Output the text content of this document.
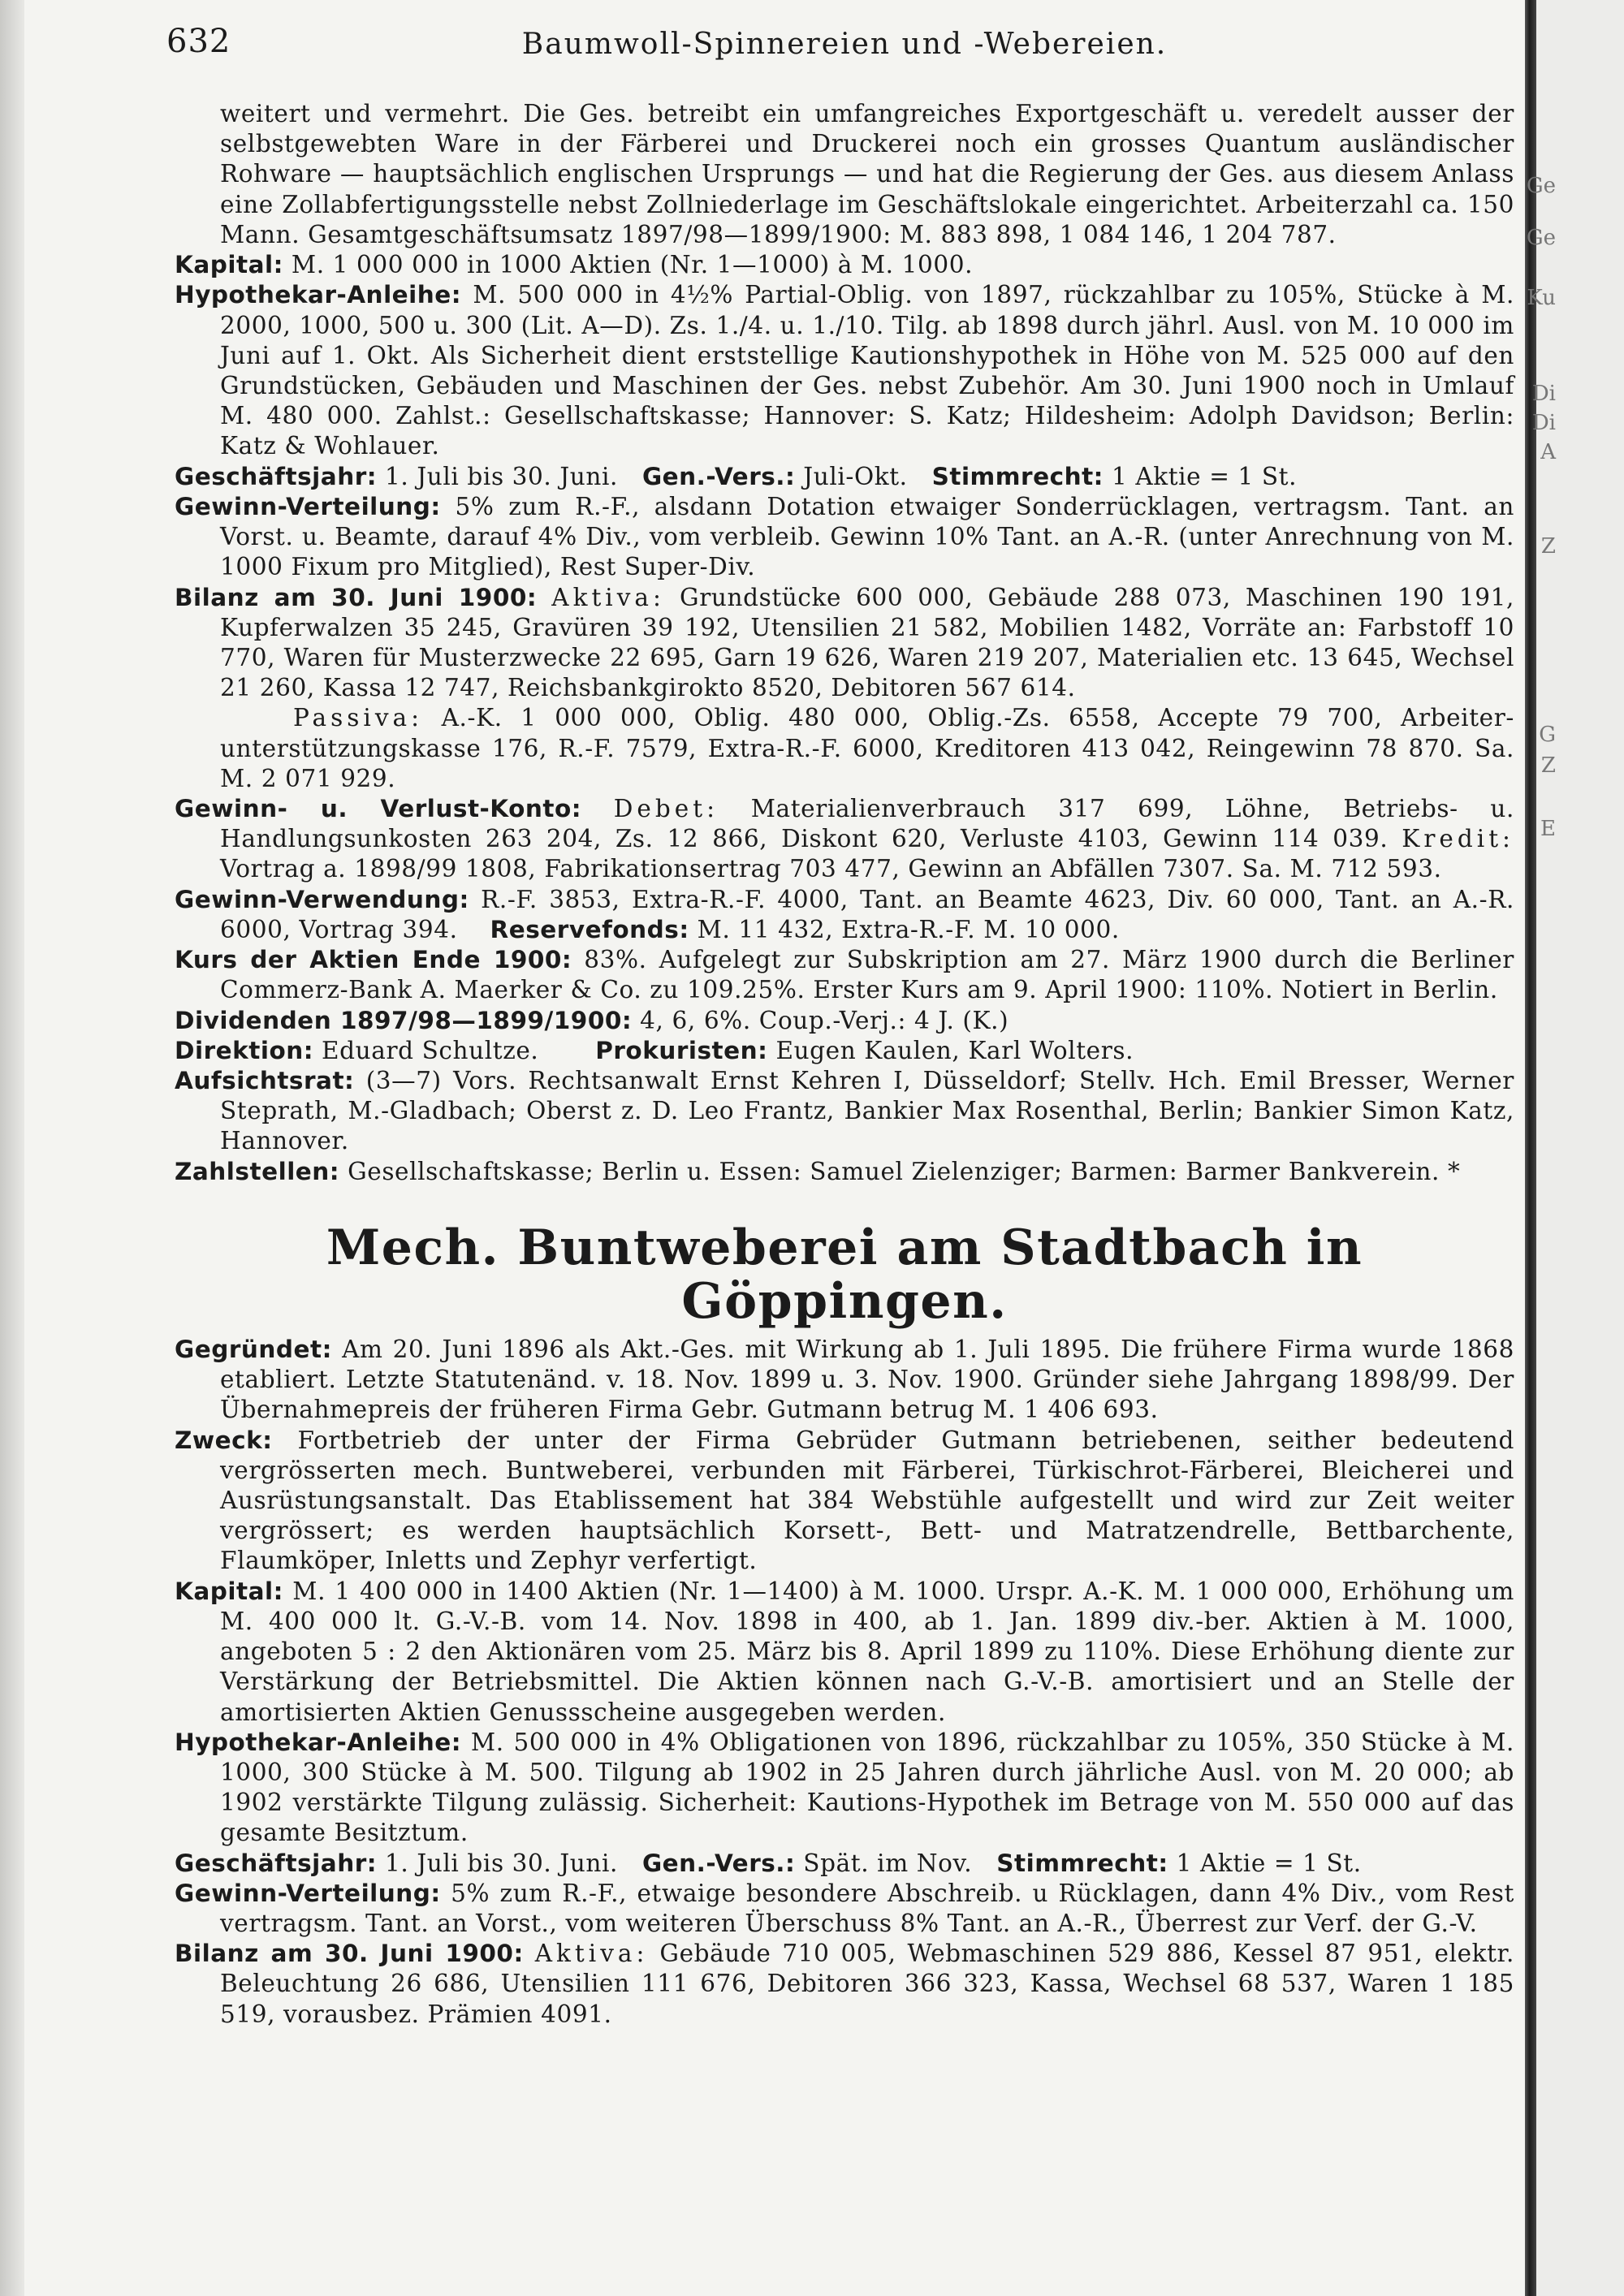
Ge
Ge
Ku
Di
Di
A
Z
G
Z
E
632	Baumwoll-Spinnereien und -Webereien.

weitert und vermehrt. Die Ges. betreibt ein umfangreiches Exportgeschäft u. veredelt ausser der selbstgewebten Ware in der Färberei und Druckerei noch ein grosses Quantum ausländischer Rohware — hauptsächlich englischen Ursprungs — und hat die Regierung der Ges. aus diesem Anlass eine Zollabfertigungsstelle nebst Zollniederlage im Geschäftslokale eingerichtet. Arbeiterzahl ca. 150 Mann. Gesamtgeschäftsumsatz 1897/98—1899/1900: M. 883 898, 1 084 146, 1 204 787.

Kapital: M. 1 000 000 in 1000 Aktien (Nr. 1—1000) à M. 1000.

Hypothekar-Anleihe: M. 500 000 in 4½% Partial-Oblig. von 1897, rückzahlbar zu 105%, Stücke à M. 2000, 1000, 500 u. 300 (Lit. A—D). Zs. 1./4. u. 1./10. Tilg. ab 1898 durch jährl. Ausl. von M. 10 000 im Juni auf 1. Okt. Als Sicherheit dient erststellige Kautionshypothek in Höhe von M. 525 000 auf den Grundstücken, Gebäuden und Maschinen der Ges. nebst Zubehör. Am 30. Juni 1900 noch in Umlauf M. 480 000. Zahlst.: Gesellschaftskasse; Hannover: S. Katz; Hildesheim: Adolph Davidson; Berlin: Katz & Wohlauer.

Geschäftsjahr: 1. Juli bis 30. Juni. Gen.-Vers.: Juli-Okt. Stimmrecht: 1 Aktie = 1 St.

Gewinn-Verteilung: 5% zum R.-F., alsdann Dotation etwaiger Sonderrücklagen, vertragsm. Tant. an Vorst. u. Beamte, darauf 4% Div., vom verbleib. Gewinn 10% Tant. an A.-R. (unter Anrechnung von M. 1000 Fixum pro Mitglied), Rest Super-Div.

Bilanz am 30. Juni 1900: Aktiva: Grundstücke 600 000, Gebäude 288 073, Maschinen 190 191, Kupferwalzen 35 245, Gravüren 39 192, Utensilien 21 582, Mobilien 1482, Vorräte an: Farbstoff 10 770, Waren für Musterzwecke 22 695, Garn 19 626, Waren 219 207, Materialien etc. 13 645, Wechsel 21 260, Kassa 12 747, Reichsbankgirokto 8520, Debitoren 567 614.

Passiva: A.-K. 1 000 000, Oblig. 480 000, Oblig.-Zs. 6558, Accepte 79 700, Arbeiter-unterstützungskasse 176, R.-F. 7579, Extra-R.-F. 6000, Kreditoren 413 042, Reingewinn 78 870. Sa. M. 2 071 929.

Gewinn- u. Verlust-Konto: Debet: Materialienverbrauch 317 699, Löhne, Betriebs- u. Handlungsunkosten 263 204, Zs. 12 866, Diskont 620, Verluste 4103, Gewinn 114 039. Kredit: Vortrag a. 1898/99 1808, Fabrikationsertrag 703 477, Gewinn an Abfällen 7307. Sa. M. 712 593.

Gewinn-Verwendung: R.-F. 3853, Extra-R.-F. 4000, Tant. an Beamte 4623, Div. 60 000, Tant. an A.-R. 6000, Vortrag 394. Reservefonds: M. 11 432, Extra-R.-F. M. 10 000.

Kurs der Aktien Ende 1900: 83%. Aufgelegt zur Subskription am 27. März 1900 durch die Berliner Commerz-Bank A. Maerker & Co. zu 109.25%. Erster Kurs am 9. April 1900: 110%. Notiert in Berlin.

Dividenden 1897/98—1899/1900: 4, 6, 6%. Coup.-Verj.: 4 J. (K.)

Direktion: Eduard Schultze. Prokuristen: Eugen Kaulen, Karl Wolters.

Aufsichtsrat: (3—7) Vors. Rechtsanwalt Ernst Kehren I, Düsseldorf; Stellv. Hch. Emil Bresser, Werner Steprath, M.-Gladbach; Oberst z. D. Leo Frantz, Bankier Max Rosenthal, Berlin; Bankier Simon Katz, Hannover.

Zahlstellen: Gesellschaftskasse; Berlin u. Essen: Samuel Zielenziger; Barmen: Barmer Bankverein. *

Mech. Buntweberei am Stadtbach in Göppingen.

Gegründet: Am 20. Juni 1896 als Akt.-Ges. mit Wirkung ab 1. Juli 1895. Die frühere Firma wurde 1868 etabliert. Letzte Statutenänd. v. 18. Nov. 1899 u. 3. Nov. 1900. Gründer siehe Jahrgang 1898/99. Der Übernahmepreis der früheren Firma Gebr. Gutmann betrug M. 1 406 693.

Zweck: Fortbetrieb der unter der Firma Gebrüder Gutmann betriebenen, seither bedeutend vergrösserten mech. Buntweberei, verbunden mit Färberei, Türkischrot-Färberei, Bleicherei und Ausrüstungsanstalt. Das Etablissement hat 384 Webstühle aufgestellt und wird zur Zeit weiter vergrössert; es werden hauptsächlich Korsett-, Bett- und Matratzendrelle, Bettbarchente, Flaumköper, Inletts und Zephyr verfertigt.

Kapital: M. 1 400 000 in 1400 Aktien (Nr. 1—1400) à M. 1000. Urspr. A.-K. M. 1 000 000, Erhöhung um M. 400 000 lt. G.-V.-B. vom 14. Nov. 1898 in 400, ab 1. Jan. 1899 div.-ber. Aktien à M. 1000, angeboten 5 : 2 den Aktionären vom 25. März bis 8. April 1899 zu 110%. Diese Erhöhung diente zur Verstärkung der Betriebsmittel. Die Aktien können nach G.-V.-B. amortisiert und an Stelle der amortisierten Aktien Genussscheine ausgegeben werden.

Hypothekar-Anleihe: M. 500 000 in 4% Obligationen von 1896, rückzahlbar zu 105%, 350 Stücke à M. 1000, 300 Stücke à M. 500. Tilgung ab 1902 in 25 Jahren durch jährliche Ausl. von M. 20 000; ab 1902 verstärkte Tilgung zulässig. Sicherheit: Kautions-Hypothek im Betrage von M. 550 000 auf das gesamte Besitztum.

Geschäftsjahr: 1. Juli bis 30. Juni. Gen.-Vers.: Spät. im Nov. Stimmrecht: 1 Aktie = 1 St.

Gewinn-Verteilung: 5% zum R.-F., etwaige besondere Abschreib. u Rücklagen, dann 4% Div., vom Rest vertragsm. Tant. an Vorst., vom weiteren Überschuss 8% Tant. an A.-R., Überrest zur Verf. der G.-V.

Bilanz am 30. Juni 1900: Aktiva: Gebäude 710 005, Webmaschinen 529 886, Kessel 87 951, elektr. Beleuchtung 26 686, Utensilien 111 676, Debitoren 366 323, Kassa, Wechsel 68 537, Waren 1 185 519, vorausbez. Prämien 4091.
